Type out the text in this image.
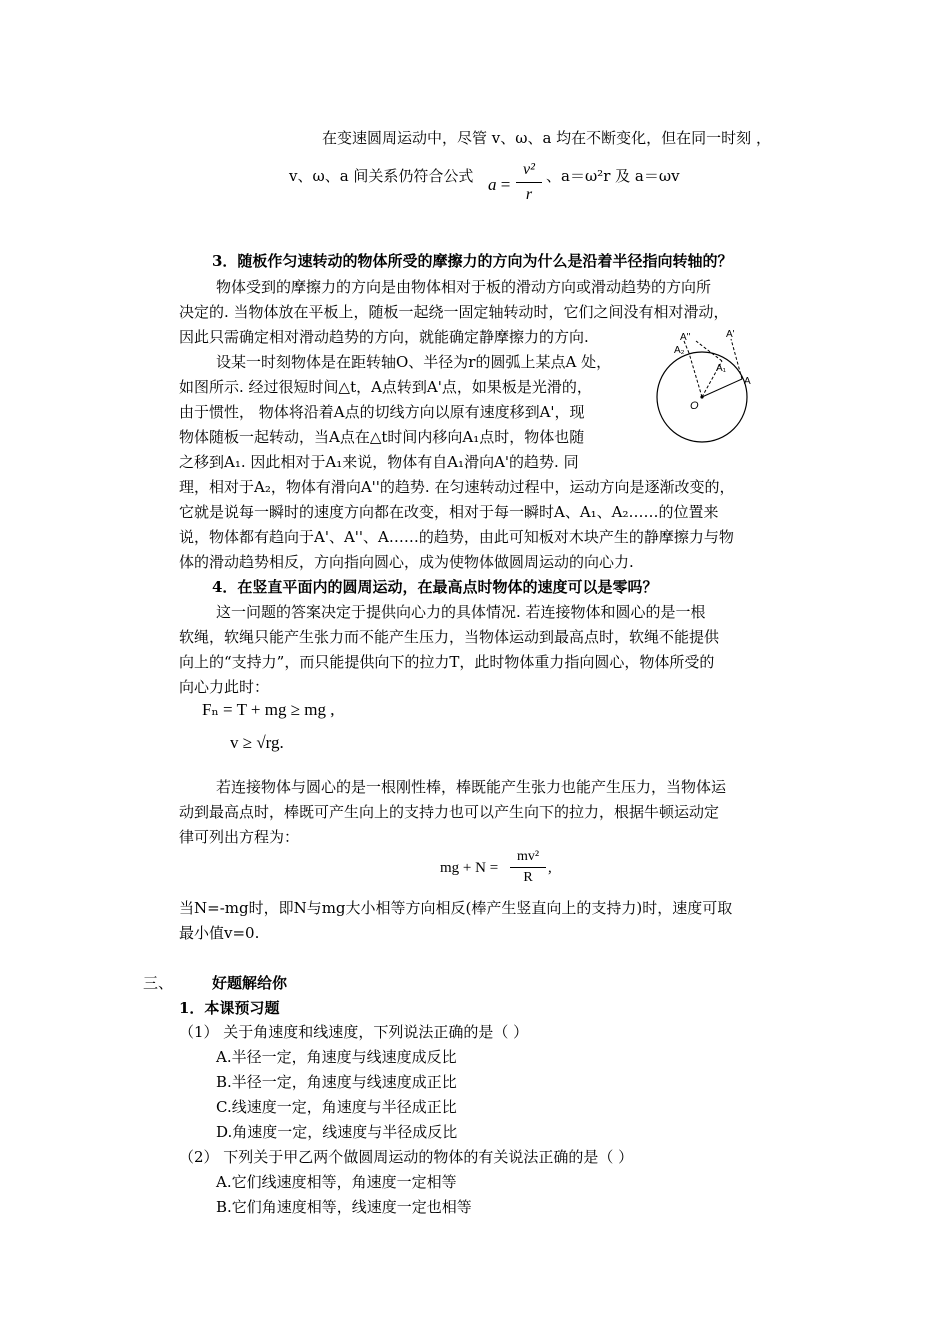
在变速圆周运动中，尽管 v、ω、a 均在不断变化，但在同一时刻 ，
v、ω、a 间关系仍符合公式 a =
v²
r
、a＝ω²r 及 a＝ωv
3．随板作匀速转动的物体所受的摩擦力的方向为什么是沿着半径指向转轴的？
物体受到的摩擦力的方向是由物体相对于板的滑动方向或滑动趋势的方向所
决定的. 当物体放在平板上，随板一起绕一固定轴转动时，它们之间没有相对滑动，
因此只需确定相对滑动趋势的方向，就能确定静摩擦力的方向.
设某一时刻物体是在距转轴O、半径为r的圆弧上某点A 处，
如图所示. 经过很短时间△t，A点转到A'点，如果板是光滑的，
由于惯性， 物体将沿着A点的切线方向以原有速度移到A'，现
物体随板一起转动，当A点在△t时间内移向A₁点时，物体也随
之移到A₁. 因此相对于A₁来说，物体有自A₁滑向A'的趋势. 同
理，相对于A₂，物体有滑向A''的趋势. 在匀速转动过程中，运动方向是逐渐改变的，
它就是说每一瞬时的速度方向都在改变，相对于每一瞬时A、A₁、A₂……的位置来
说，物体都有趋向于A'、A''、A……的趋势，由此可知板对木块产生的静摩擦力与物
体的滑动趋势相反，方向指向圆心，成为使物体做圆周运动的向心力.
A''	A'
A₂
A₁
A
O
4．在竖直平面内的圆周运动，在最高点时物体的速度可以是零吗？
这一问题的答案决定于提供向心力的具体情况. 若连接物体和圆心的是一根
软绳，软绳只能产生张力而不能产生压力，当物体运动到最高点时，软绳不能提供
向上的“支持力”，而只能提供向下的拉力T，此时物体重力指向圆心，物体所受的
向心力此时：
Fₙ = T + mg ≥ mg ,
v ≥ √rg.
若连接物体与圆心的是一根刚性棒，棒既能产生张力也能产生压力，当物体运
动到最高点时，棒既可产生向上的支持力也可以产生向下的拉力，根据牛顿运动定
律可列出方程为：
mg + N =
mv²
R
,
当N=-mg时，即N与mg大小相等方向相反(棒产生竖直向上的支持力)时，速度可取
最小值v=0.
三、	好题解给你
1．本课预习题
（1） 关于角速度和线速度，下列说法正确的是（ ）
A.半径一定，角速度与线速度成反比
B.半径一定，角速度与线速度成正比
C.线速度一定，角速度与半径成正比
D.角速度一定，线速度与半径成反比
（2） 下列关于甲乙两个做圆周运动的物体的有关说法正确的是（ ）
A.它们线速度相等，角速度一定相等
B.它们角速度相等，线速度一定也相等
